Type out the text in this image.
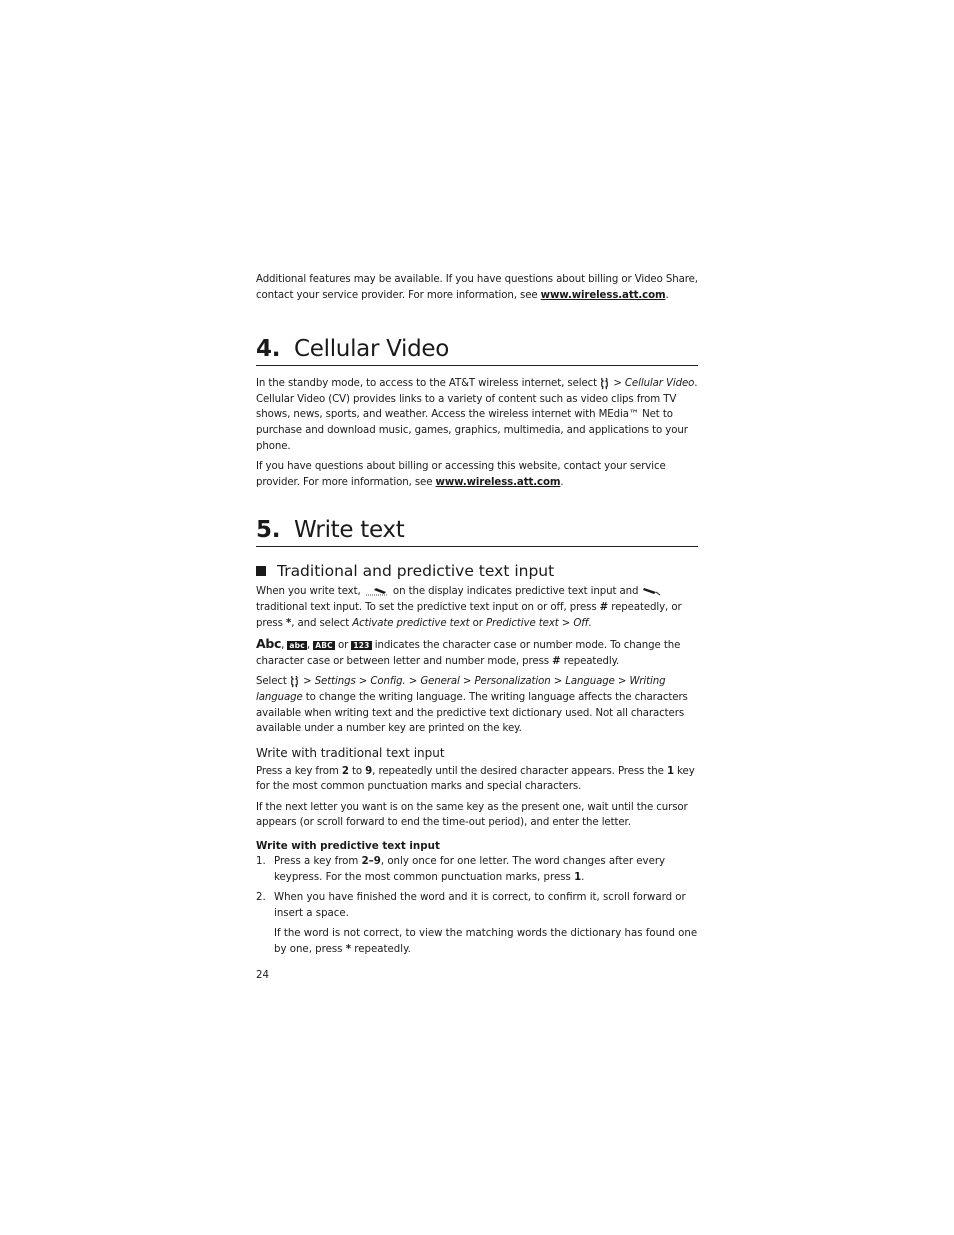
Additional features may be available. If you have questions about billing or Video Share, contact your service provider. For more information, see www.wireless.att.com.

4. Cellular Video

In the standby mode, to access to the AT&T wireless internet, select  > Cellular Video. Cellular Video (CV) provides links to a variety of content such as video clips from TV shows, news, sports, and weather. Access the wireless internet with MEdia™ Net to purchase and download music, games, graphics, multimedia, and applications to your phone.

If you have questions about billing or accessing this website, contact your service provider. For more information, see www.wireless.att.com.

5. Write text
Traditional and predictive text input

When you write text,	on the display indicates predictive text input and  traditional text input. To set the predictive text input on or off, press # repeatedly, or press *, and select Activate predictive text or Predictive text > Off.

Abc, abc , ABC or 123 indicates the character case or number mode. To change the character case or between letter and number mode, press # repeatedly.

Select  > Settings > Config. > General > Personalization > Language > Writing language to change the writing language. The writing language affects the characters available when writing text and the predictive text dictionary used. Not all characters available under a number key are printed on the key.

Write with traditional text input

Press a key from 2 to 9, repeatedly until the desired character appears. Press the 1 key for the most common punctuation marks and special characters.

If the next letter you want is on the same key as the present one, wait until the cursor appears (or scroll forward to end the time-out period), and enter the letter.

Write with predictive text input
1. Press a key from 2–9, only once for one letter. The word changes after every keypress. For the most common punctuation marks, press 1.
2. When you have finished the word and it is correct, to confirm it, scroll forward or insert a space.
If the word is not correct, to view the matching words the dictionary has found one by one, press * repeatedly.
24
